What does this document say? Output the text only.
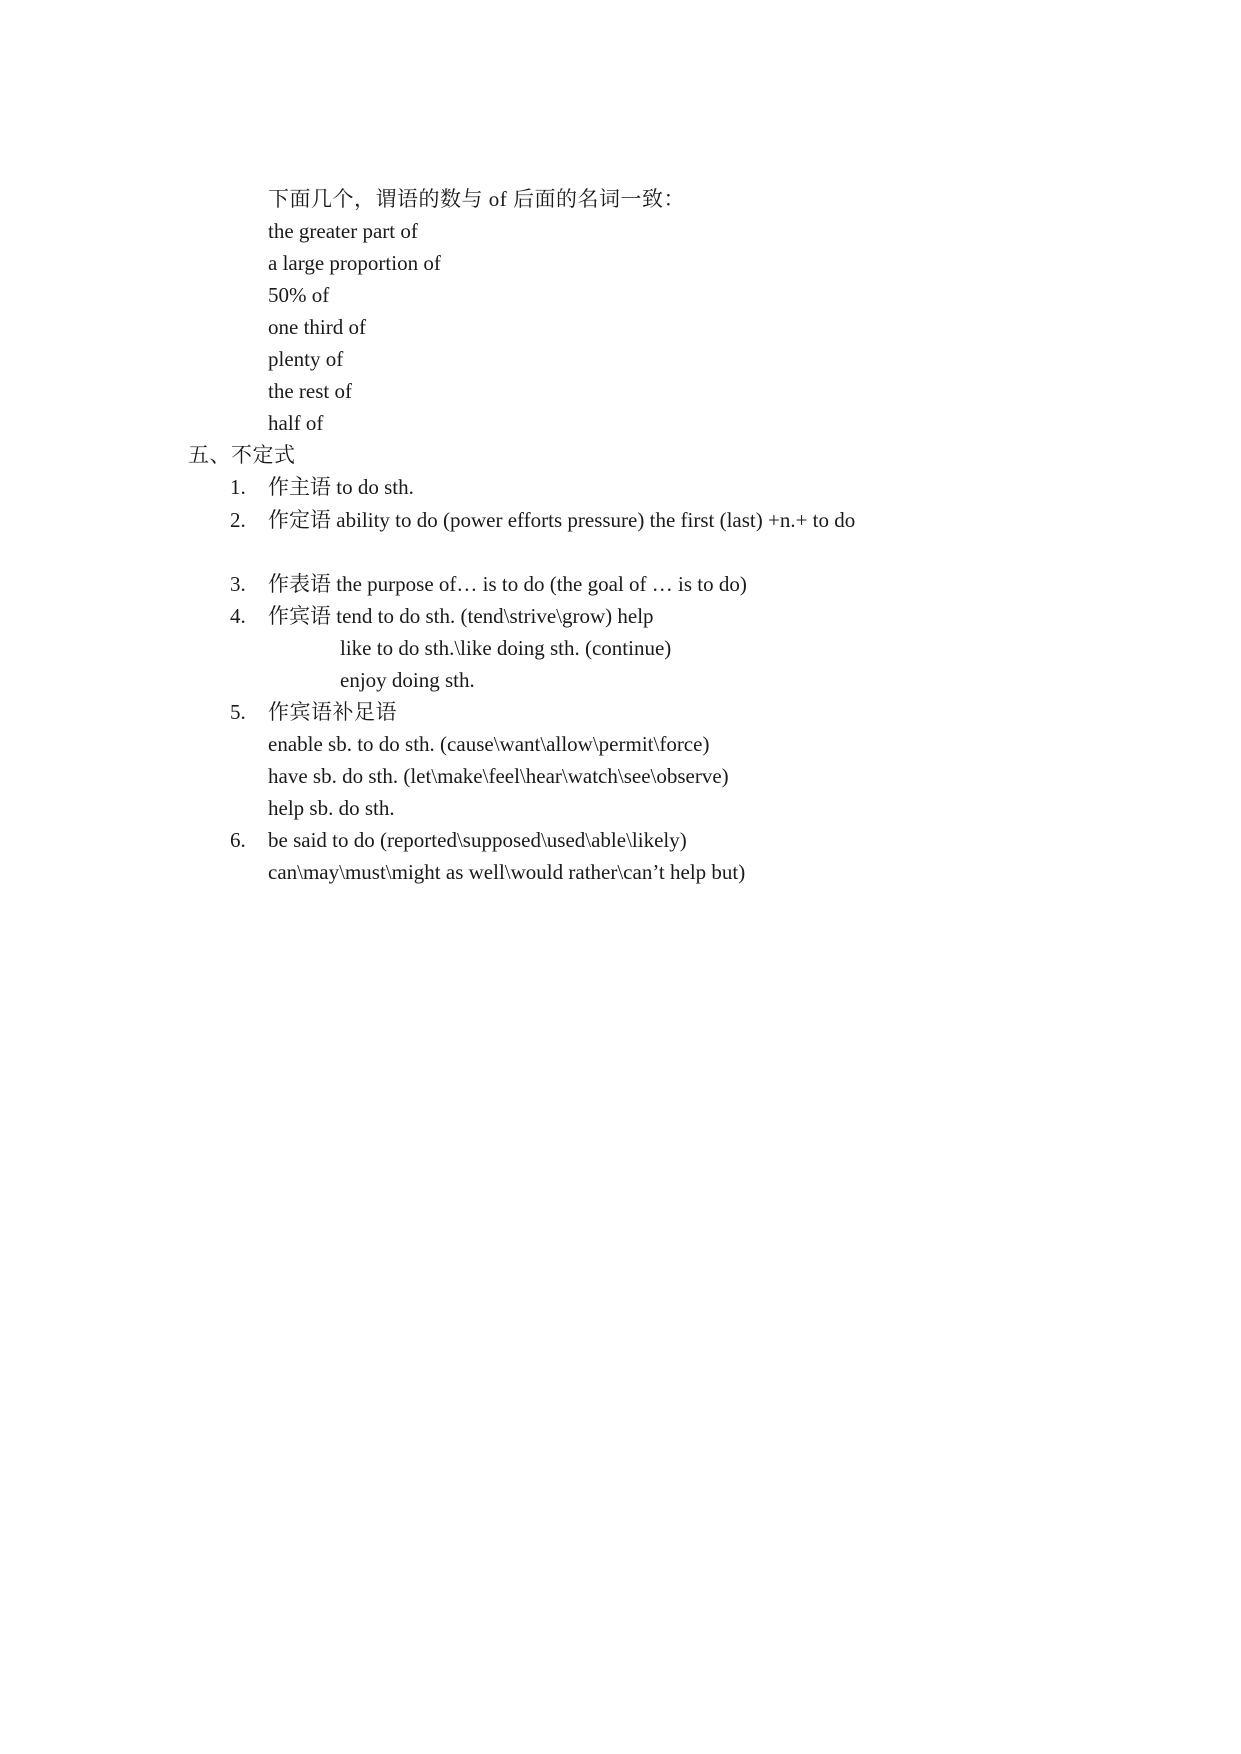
下面几个，谓语的数与 of 后面的名词一致：
the greater part of
a large proportion of
50% of
one third of
plenty of
the rest of
half of
五、不定式
1. 作主语 to do sth.
2. 作定语 ability to do (power efforts pressure) the first (last) +n.+ to do
3. 作表语 the purpose of… is to do (the goal of … is to do)
4. 作宾语 tend to do sth. (tend\strive\grow) help
like to do sth.\like doing sth. (continue)
enjoy doing sth.
5. 作宾语补足语
enable sb. to do sth. (cause\want\allow\permit\force)
have sb. do sth. (let\make\feel\hear\watch\see\observe)
help sb. do sth.
6. be said to do (reported\supposed\used\able\likely)
can\may\must\might as well\would rather\can’t help but)
